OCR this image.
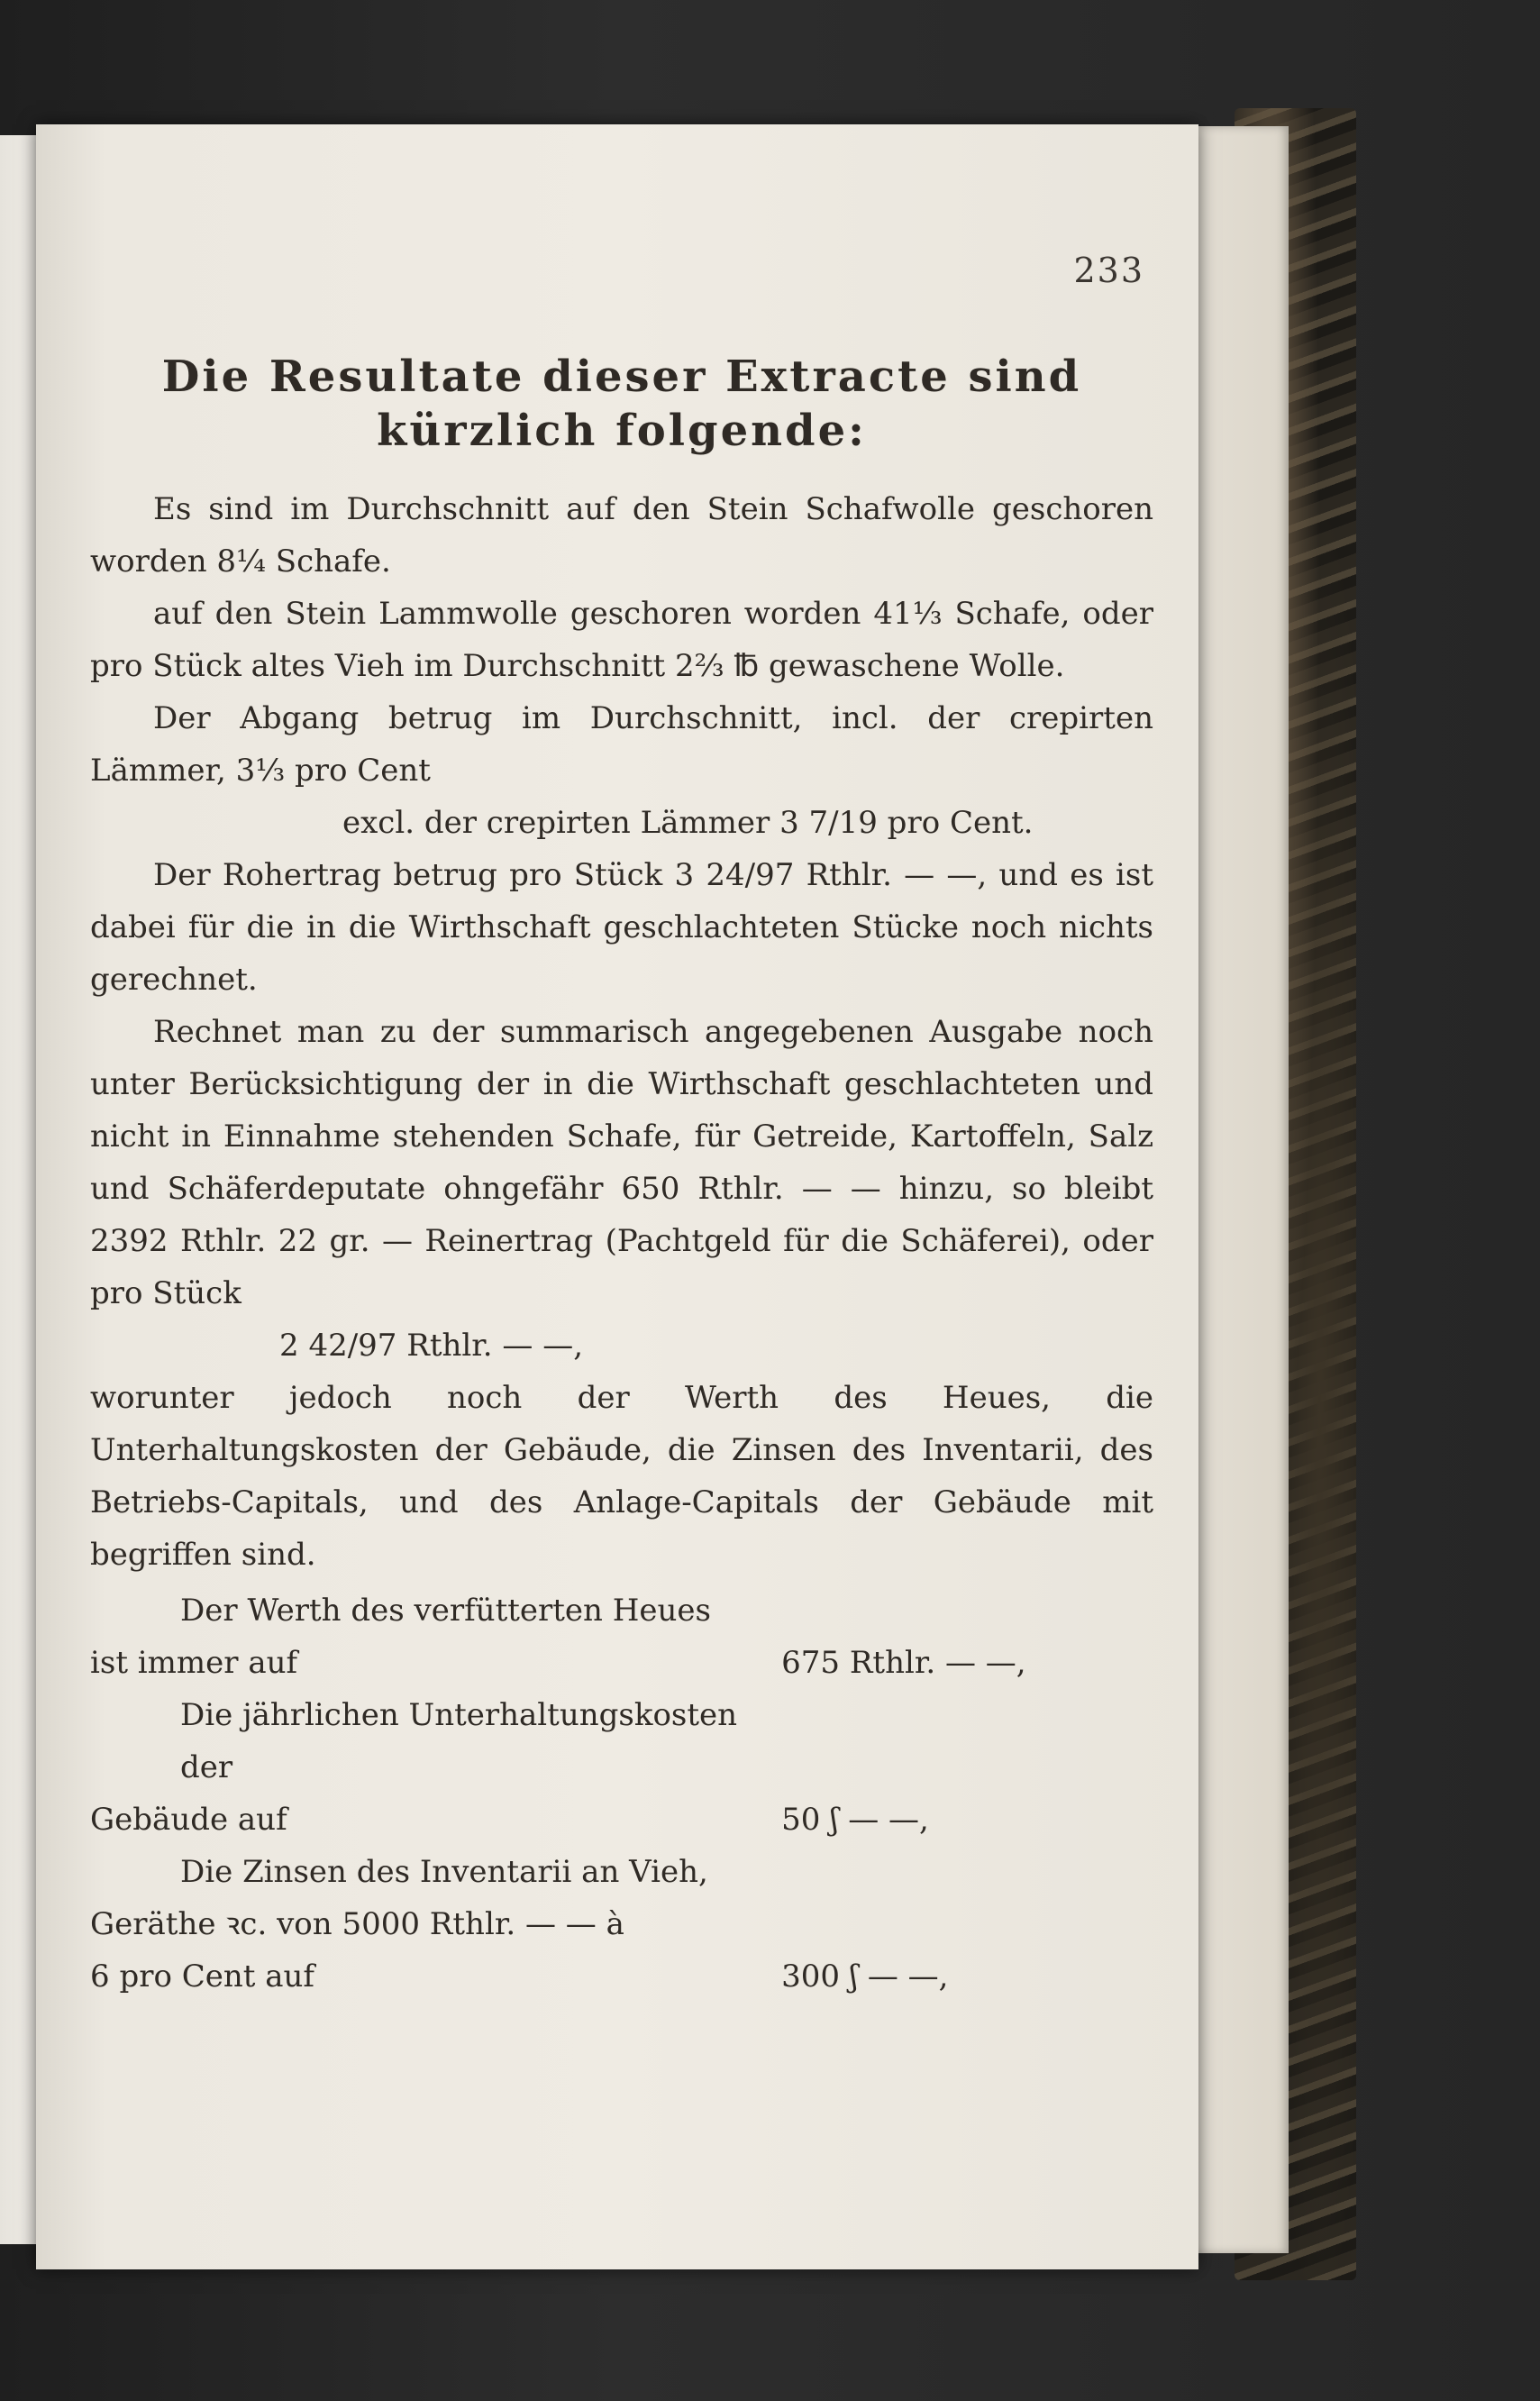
233

Die Resultate dieser Extracte sind kürzlich folgende:

Es sind im Durchschnitt auf den Stein Schafwolle geschoren worden 8¼ Schafe.

auf den Stein Lammwolle geschoren worden 41⅓ Schafe, oder pro Stück altes Vieh im Durchschnitt 2⅔ ℔ gewaschene Wolle.

Der Abgang betrug im Durchschnitt, incl. der crepirten Lämmer, 3⅓ pro Cent

excl. der crepirten Lämmer 3 7/19 pro Cent.

Der Rohertrag betrug pro Stück 3 24/97 Rthlr. — —, und es ist dabei für die in die Wirthschaft geschlachteten Stücke noch nichts gerechnet.

Rechnet man zu der summarisch angegebenen Ausgabe noch unter Berücksichtigung der in die Wirthschaft geschlachteten und nicht in Einnahme stehenden Schafe, für Getreide, Kartoffeln, Salz und Schäferdeputate ohngefähr 650 Rthlr. — — hinzu, so bleibt 2392 Rthlr. 22 gr. — Reinertrag (Pachtgeld für die Schäferei), oder pro Stück

2 42/97 Rthlr. — —,

worunter jedoch noch der Werth des Heues, die Unterhaltungskosten der Gebäude, die Zinsen des Inventarii, des Betriebs-Capitals, und des Anlage-Capitals der Gebäude mit begriffen sind.

Der Werth des verfütterten Heues
ist immer auf	675 Rthlr. — —,
Die jährlichen Unterhaltungskosten der
Gebäude auf	50 ʃ — —,
Die Zinsen des Inventarii an Vieh,
Geräthe ꝛc. von 5000 Rthlr. — — à
6 pro Cent auf	300 ʃ — —,
